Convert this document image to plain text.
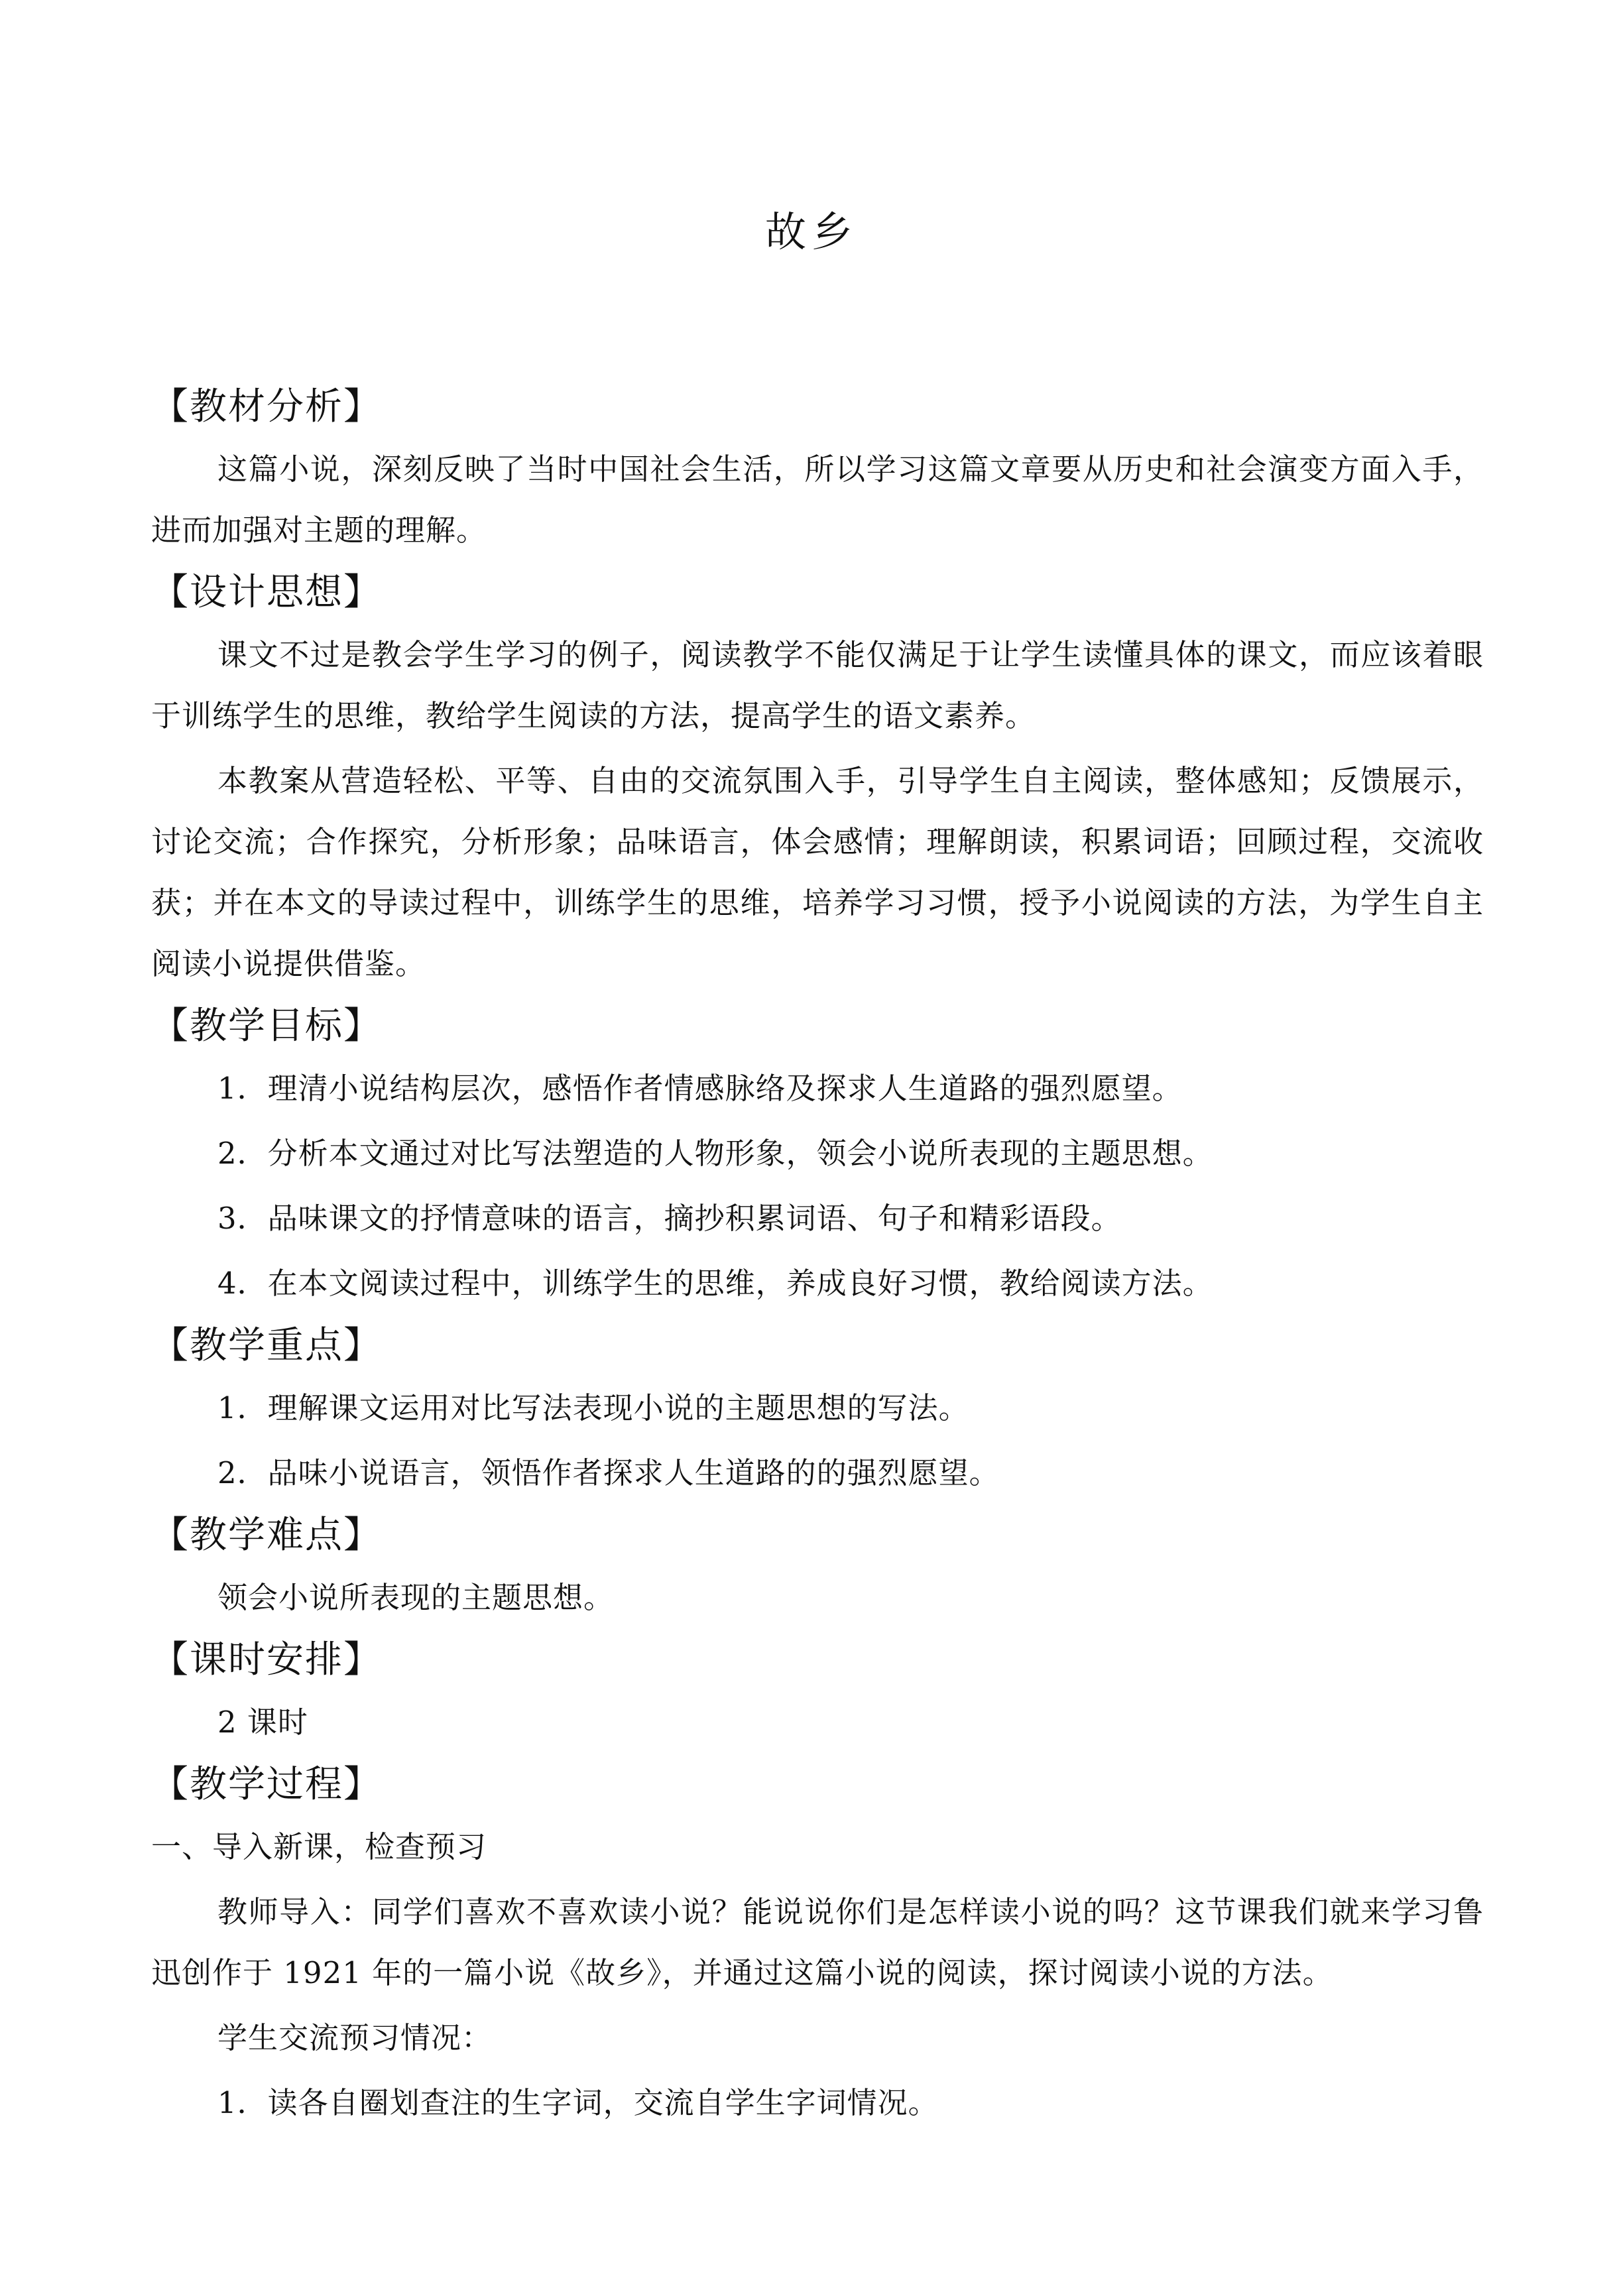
故乡
【教材分析】
这篇小说，深刻反映了当时中国社会生活，所以学习这篇文章要从历史和社会演变方面入手，进而加强对主题的理解。
【设计思想】
课文不过是教会学生学习的例子，阅读教学不能仅满足于让学生读懂具体的课文，而应该着眼于训练学生的思维，教给学生阅读的方法，提高学生的语文素养。
本教案从营造轻松、平等、自由的交流氛围入手，引导学生自主阅读，整体感知；反馈展示，讨论交流；合作探究，分析形象；品味语言，体会感情；理解朗读，积累词语；回顾过程，交流收获；并在本文的导读过程中，训练学生的思维，培养学习习惯，授予小说阅读的方法，为学生自主阅读小说提供借鉴。
【教学目标】
1．理清小说结构层次，感悟作者情感脉络及探求人生道路的强烈愿望。
2．分析本文通过对比写法塑造的人物形象，领会小说所表现的主题思想。
3．品味课文的抒情意味的语言，摘抄积累词语、句子和精彩语段。
4．在本文阅读过程中，训练学生的思维，养成良好习惯，教给阅读方法。
【教学重点】
1．理解课文运用对比写法表现小说的主题思想的写法。
2．品味小说语言，领悟作者探求人生道路的的强烈愿望。
【教学难点】
领会小说所表现的主题思想。
【课时安排】
2 课时
【教学过程】
一、导入新课，检查预习
教师导入：同学们喜欢不喜欢读小说？能说说你们是怎样读小说的吗？这节课我们就来学习鲁迅创作于 1921 年的一篇小说《故乡》，并通过这篇小说的阅读，探讨阅读小说的方法。
学生交流预习情况：
1．读各自圈划查注的生字词，交流自学生字词情况。
